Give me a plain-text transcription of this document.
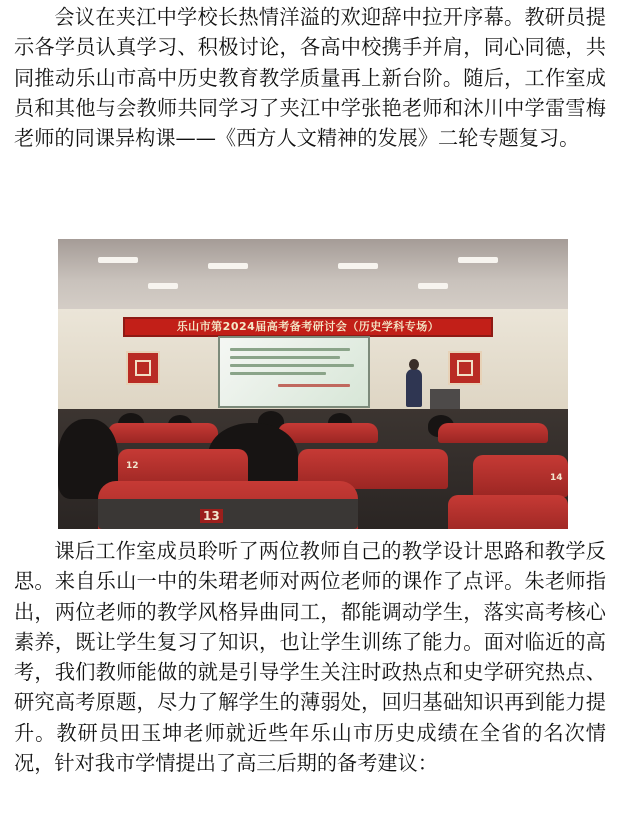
会议在夹江中学校长热情洋溢的欢迎辞中拉开序幕。教研员提示各学员认真学习、积极讨论，各高中校携手并肩，同心同德，共同推动乐山市高中历史教育教学质量再上新台阶。随后，工作室成员和其他与会教师共同学习了夹江中学张艳老师和沐川中学雷雪梅老师的同课异构课——《西方人文精神的发展》二轮专题复习。

乐山市第2024届高考备考研讨会（历史学科专场）
12
14
13

课后工作室成员聆听了两位教师自己的教学设计思路和教学反思。来自乐山一中的朱珺老师对两位老师的课作了点评。朱老师指出，两位老师的教学风格异曲同工，都能调动学生，落实高考核心素养，既让学生复习了知识，也让学生训练了能力。面对临近的高考，我们教师能做的就是引导学生关注时政热点和史学研究热点、研究高考原题，尽力了解学生的薄弱处，回归基础知识再到能力提升。教研员田玉坤老师就近些年乐山市历史成绩在全省的名次情况，针对我市学情提出了高三后期的备考建议：
